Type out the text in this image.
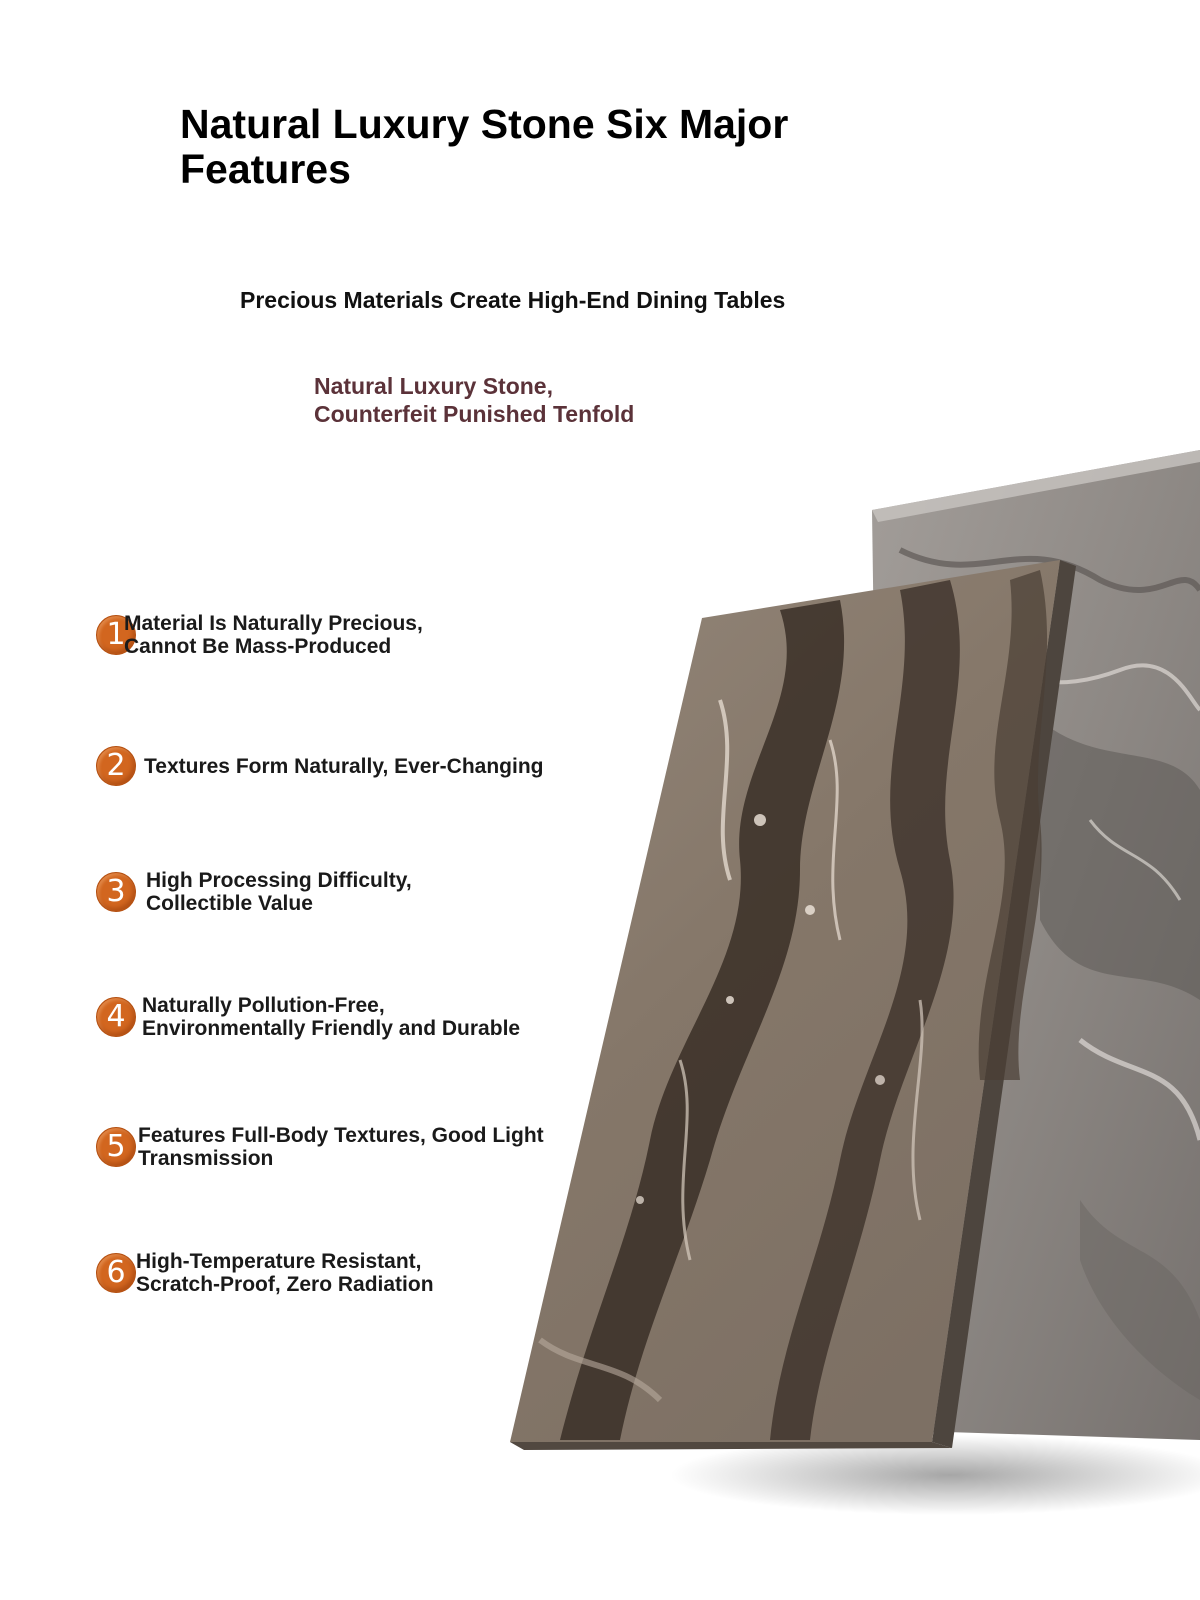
Natural Luxury Stone Six Major
Features

Precious Materials Create High-End Dining Tables

Natural Luxury Stone,
Counterfeit Punished Tenfold

1
Material Is Naturally Precious,
Cannot Be Mass-Produced
2 Textures Form Naturally, Ever-Changing
3 High Processing Difficulty,
Collectible Value
4 Naturally Pollution-Free,
Environmentally Friendly and Durable
5 Features Full-Body Textures, Good Light
Transmission
6 High-Temperature Resistant,
Scratch-Proof, Zero Radiation
